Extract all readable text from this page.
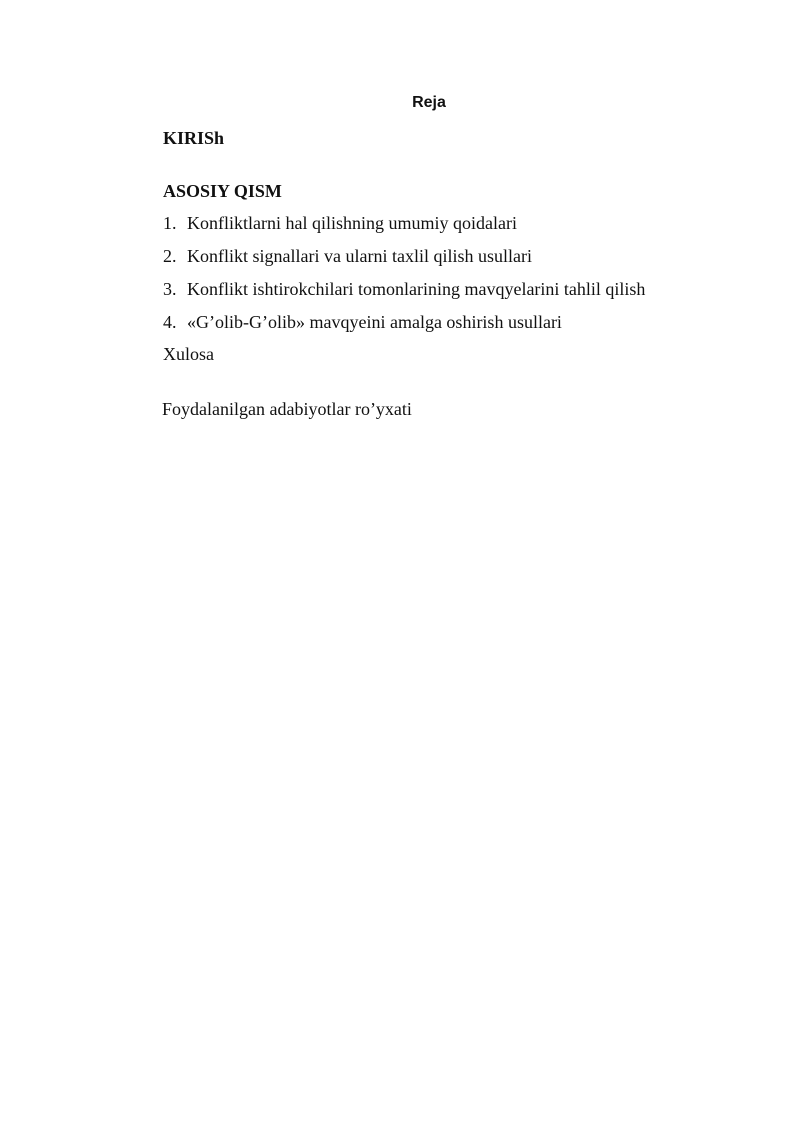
Reja
KIRISh
ASOSIY QISM
1. Konfliktlarni hal qilishning umumiy qoidalari
2. Konflikt signallari va ularni taxlil qilish usullari
3. Konflikt ishtirokchilari tomonlarining mavqyelarini tahlil qilish
4. «G’olib-G’olib» mavqyeini amalga oshirish usullari
Xulosa
Foydalanilgan adabiyotlar ro’yxati
